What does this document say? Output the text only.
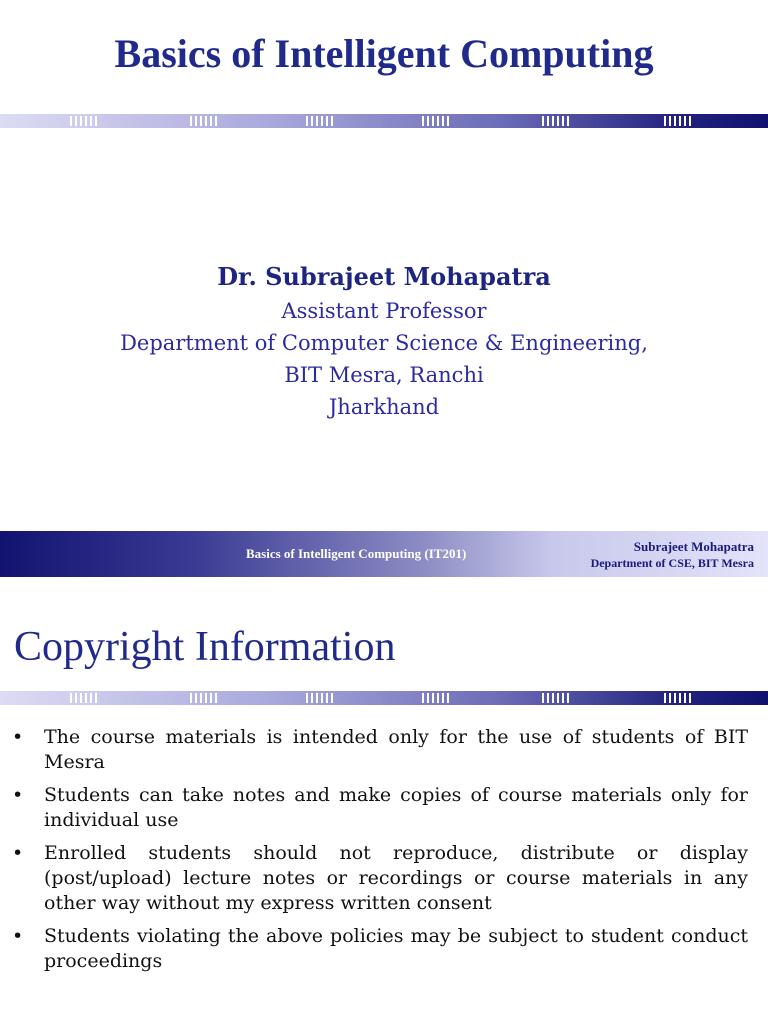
Basics of Intelligent Computing
Dr. Subrajeet Mohapatra
Assistant Professor
Department of Computer Science & Engineering,
BIT Mesra, Ranchi
Jharkhand
Basics of Intelligent Computing (IT201)	Subrajeet Mohapatra
Department of CSE, BIT Mesra
Copyright Information
• The course materials is intended only for the use of students of BIT Mesra
• Students can take notes and make copies of course materials only for individual use
• Enrolled students should not reproduce, distribute or display (post/upload) lecture notes or recordings or course materials in any other way without my express written consent
• Students violating the above policies may be subject to student conduct proceedings
